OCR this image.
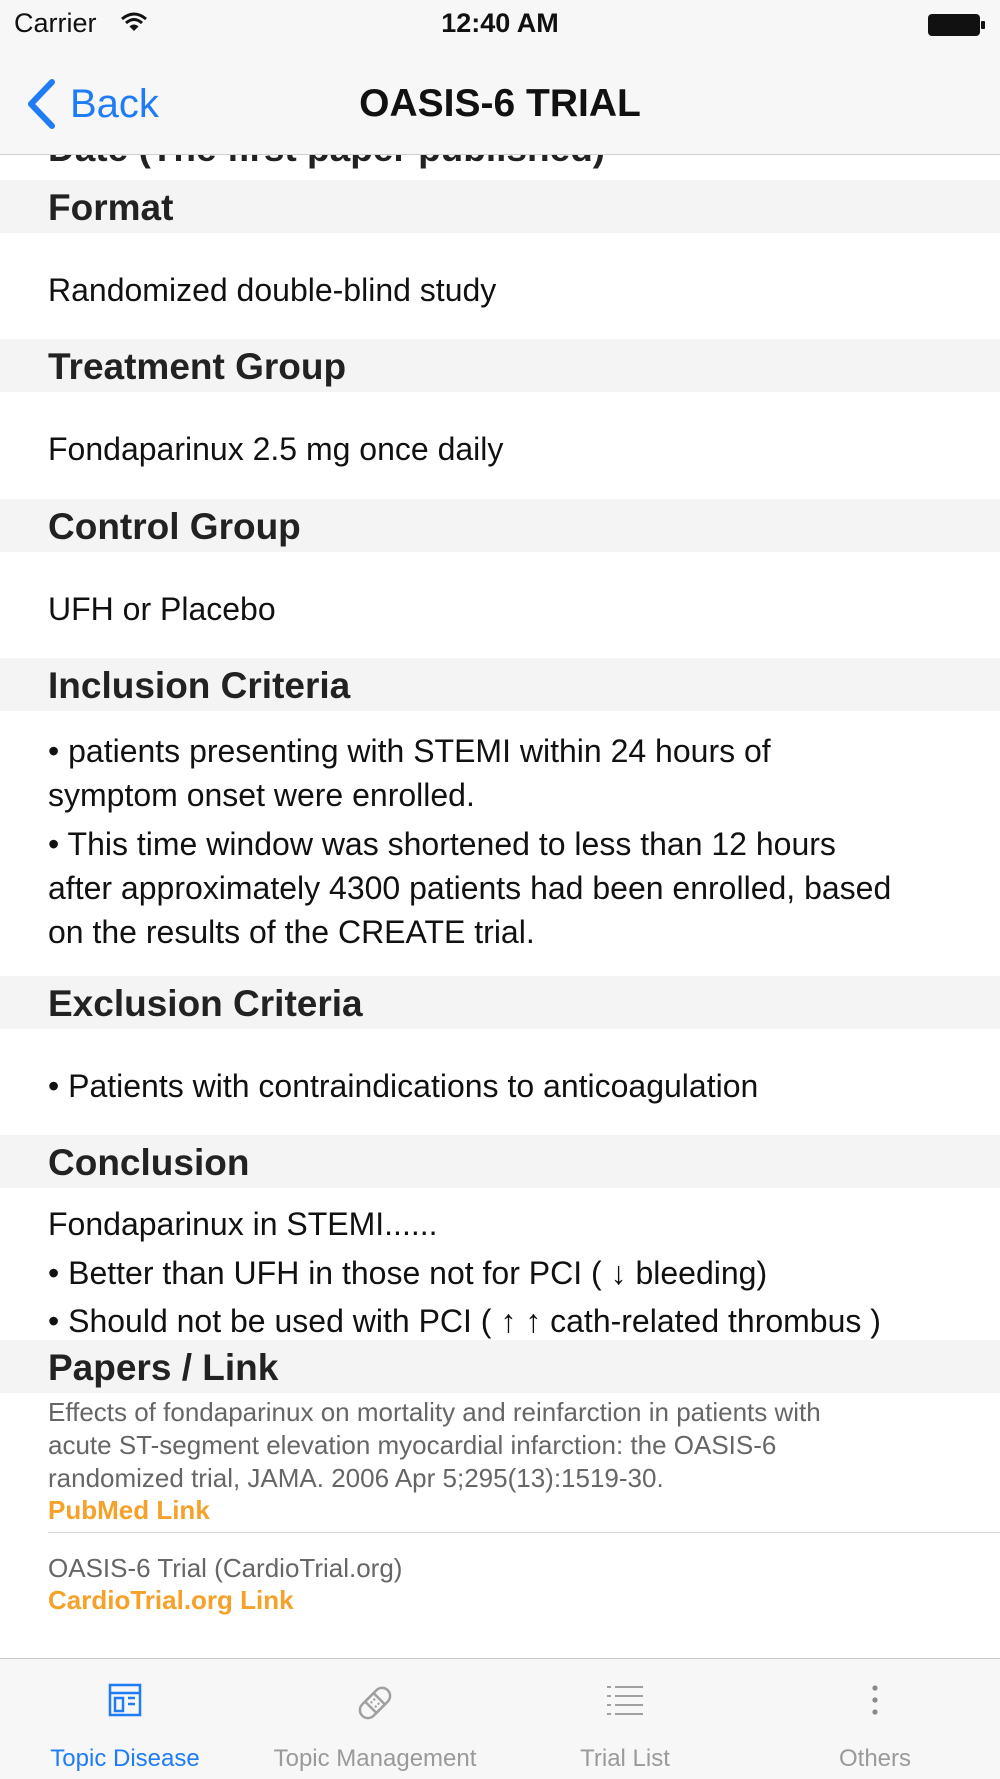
Carrier	12:40 AM
Back	OASIS-6 TRIAL
Format
Randomized double-blind study
Treatment Group
Fondaparinux 2.5 mg once daily
Control Group
UFH or Placebo
Inclusion Criteria
• patients presenting with STEMI within 24 hours of
symptom onset were enrolled.
• This time window was shortened to less than 12 hours
after approximately 4300 patients had been enrolled, based
on the results of the CREATE trial.
Exclusion Criteria
• Patients with contraindications to anticoagulation
Conclusion
Fondaparinux in STEMI......
• Better than UFH in those not for PCI ( ↓ bleeding)
• Should not be used with PCI ( ↑ ↑ cath-related thrombus )
Papers / Link
Effects of fondaparinux on mortality and reinfarction in patients with
acute ST-segment elevation myocardial infarction: the OASIS-6
randomized trial, JAMA. 2006 Apr 5;295(13):1519-30.
PubMed Link
OASIS-6 Trial (CardioTrial.org)
CardioTrial.org Link
Topic Disease	Topic Management	Trial List	Others
